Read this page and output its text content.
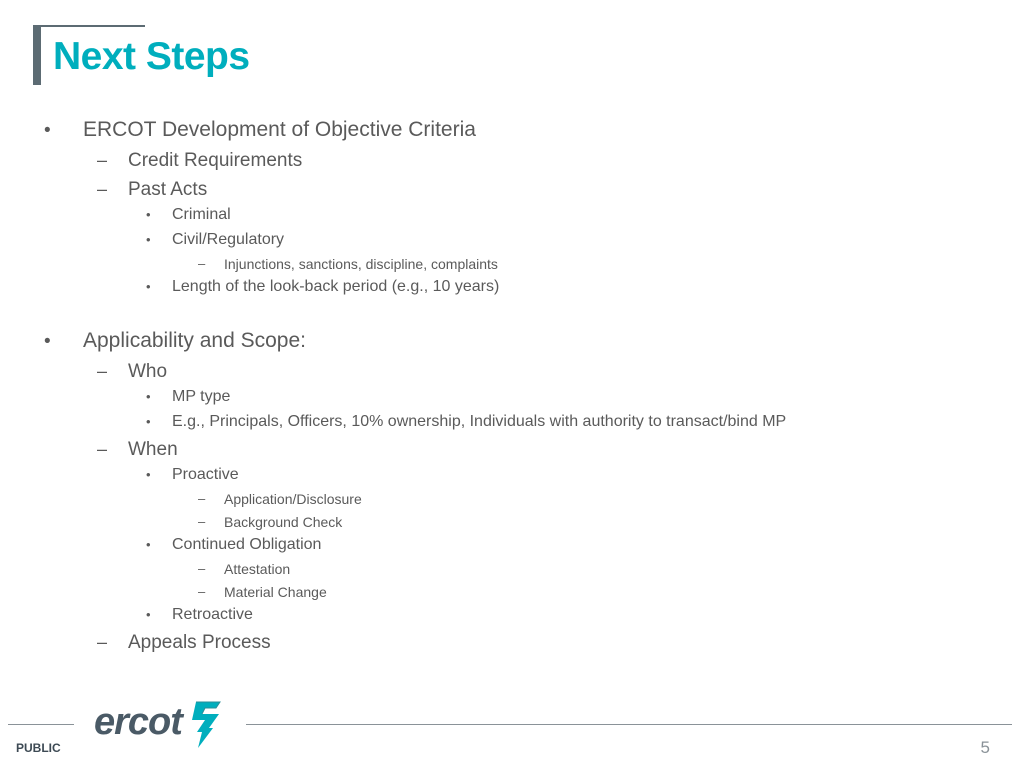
Next Steps
• ERCOT Development of Objective Criteria
– Credit Requirements
– Past Acts
• Criminal
• Civil/Regulatory
– Injunctions, sanctions, discipline, complaints
• Length of the look-back period (e.g., 10 years)
• Applicability and Scope:
– Who
• MP type
• E.g., Principals, Officers, 10% ownership, Individuals with authority to transact/bind MP
– When
• Proactive
– Application/Disclosure
– Background Check
• Continued Obligation
– Attestation
– Material Change
• Retroactive
– Appeals Process
ercot
PUBLIC	5
